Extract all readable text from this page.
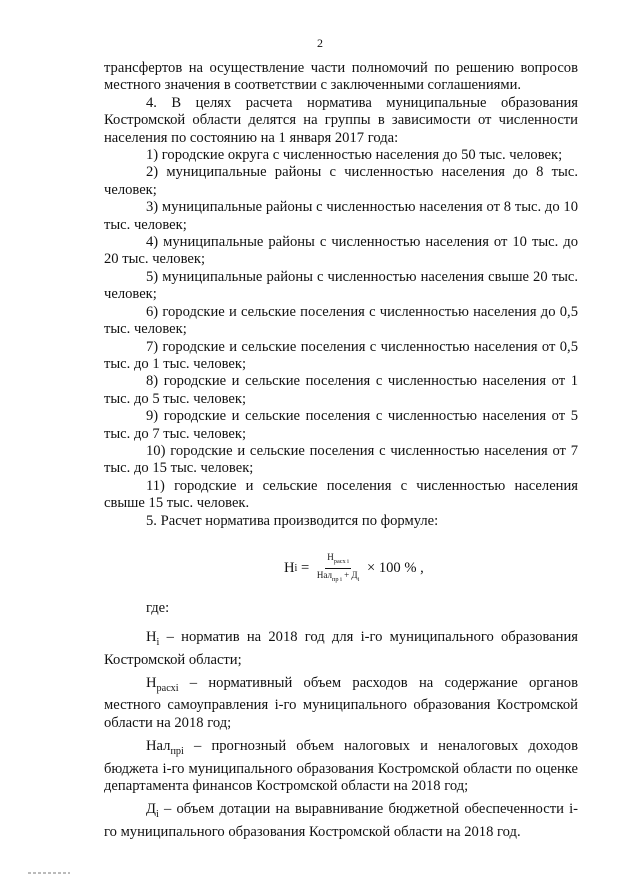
2

трансфертов на осуществление части полномочий по решению вопросов местного значения в соответствии с заключенными соглашениями.

4. В целях расчета норматива муниципальные образования Костромской области делятся на группы в зависимости от численности населения по состоянию на 1 января 2017 года:

1) городские округа с численностью населения до 50 тыс. человек;

2) муниципальные районы с численностью населения до 8 тыс. человек;

3) муниципальные районы с численностью населения от 8 тыс. до 10 тыс. человек;

4) муниципальные районы с численностью населения от 10 тыс. до 20 тыс. человек;

5) муниципальные районы с численностью населения свыше 20 тыс. человек;

6) городские и сельские поселения с численностью населения до 0,5 тыс. человек;

7) городские и сельские поселения с численностью населения от 0,5 тыс. до 1 тыс. человек;

8) городские и сельские поселения с численностью населения от 1 тыс. до 5 тыс. человек;

9) городские и сельские поселения с численностью населения от 5 тыс. до 7 тыс. человек;

10) городские и сельские поселения с численностью населения от 7 тыс. до 15 тыс. человек;

11) городские и сельские поселения с численностью населения свыше 15 тыс. человек.

5. Расчет норматива производится по формуле:

H $i = \frac{H_{расх i}}{Нал_{пр i} + Д_i} \times 100$ % ,

где:

$H_i$ – норматив на 2018 год для i-го муниципального образования Костромской области;

$H_{расхi}$ – нормативный объем расходов на содержание органов местного самоуправления i-го муниципального образования Костромской области на 2018 год;

Нал$_{прi}$ – прогнозный объем налоговых и неналоговых доходов бюджета i-го муниципального образования Костромской области по оценке департамента финансов Костромской области на 2018 год;

$Д_i$ – объем дотации на выравнивание бюджетной обеспеченности i-го муниципального образования Костромской области на 2018 год.
